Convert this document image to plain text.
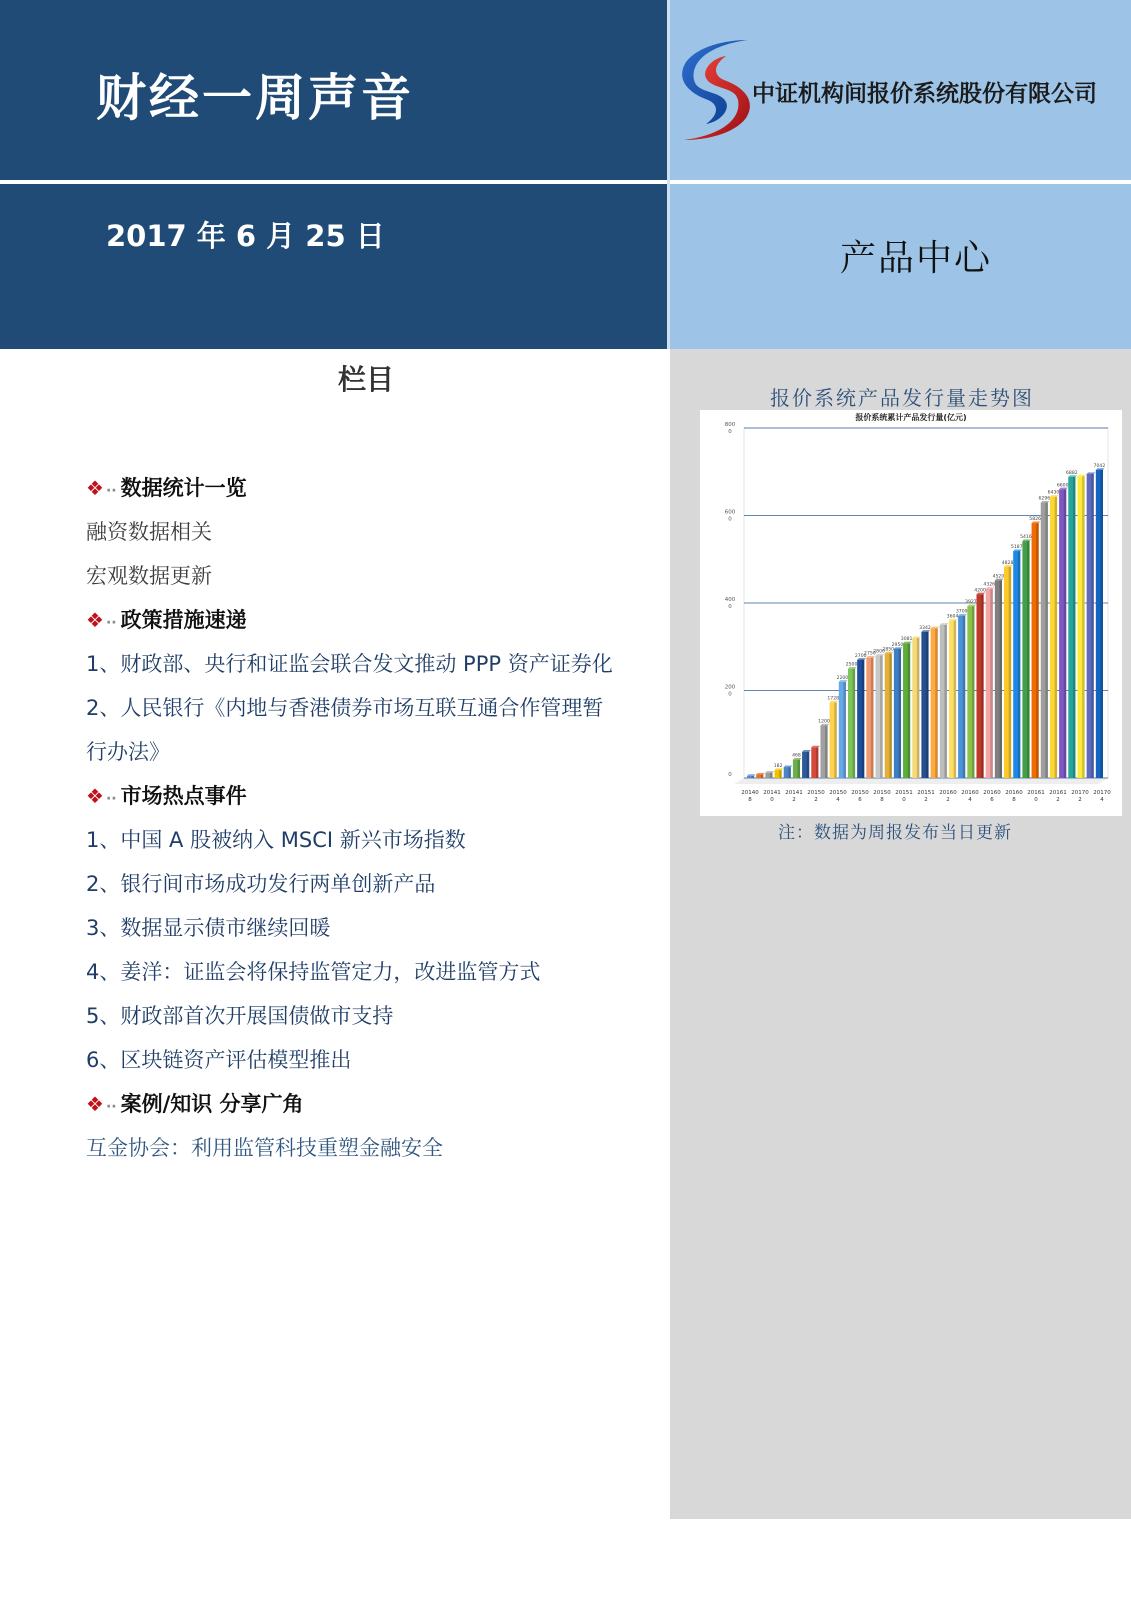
财经一周声音
2017 年 6 月 25 日
中证机构间报价系统股份有限公司
产品中心
栏目
❖ ·· 数据统计一览
融资数据相关
宏观数据更新
❖ ·· 政策措施速递
1、财政部、央行和证监会联合发文推动 PPP 资产证券化
2、人民银行《内地与香港债券市场互联互通合作管理暂
行办法》
❖ ·· 市场热点事件
1、中国 A 股被纳入 MSCI 新兴市场指数
2、银行间市场成功发行两单创新产品
3、数据显示债市继续回暖
4、姜洋：证监会将保持监管定力，改进监管方式
5、财政部首次开展国债做市支持
6、区块链资产评估模型推出
❖ ·· 案例/知识 分享广角
互金协会：利用监管科技重塑金融安全
报价系统产品发行量走势图
报价系统累计产品发行量(亿元)
800 0
600 0
400 0
200 0
0
182
468
1200
1728
2200
2500
2700
2750
2800
2850
2950
3081
3342
3604
3709
3927
4200
4326
4520
4828
5187
5416
5826
6296
6430
6600
6882
7042
20140 8
20141 0
20141 2
20150 2
20150 4
20150 6
20150 8
20151 0
20151 2
20160 2
20160 4
20160 6
20160 8
20161 0
20161 2
20170 2
20170 4
注：数据为周报发布当日更新
